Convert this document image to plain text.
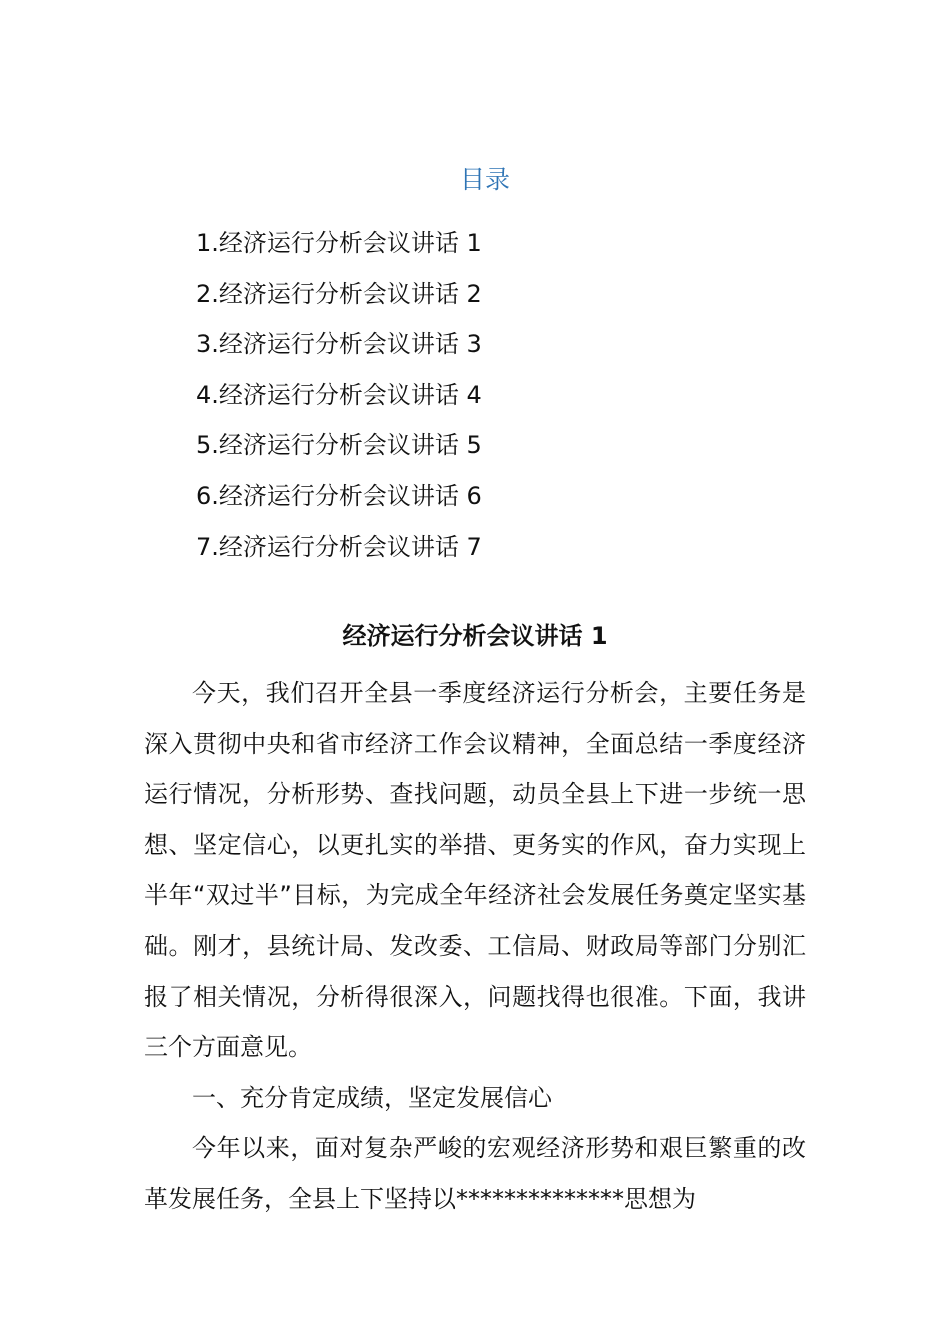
目录
1.经济运行分析会议讲话 1
2.经济运行分析会议讲话 2
3.经济运行分析会议讲话 3
4.经济运行分析会议讲话 4
5.经济运行分析会议讲话 5
6.经济运行分析会议讲话 6
7.经济运行分析会议讲话 7
经济运行分析会议讲话 1

今天，我们召开全县一季度经济运行分析会，主要任务是深入贯彻中央和省市经济工作会议精神，全面总结一季度经济运行情况，分析形势、查找问题，动员全县上下进一步统一思想、坚定信心，以更扎实的举措、更务实的作风，奋力实现上半年“双过半”目标，为完成全年经济社会发展任务奠定坚实基础。刚才，县统计局、发改委、工信局、财政局等部门分别汇报了相关情况，分析得很深入，问题找得也很准。下面，我讲三个方面意见。

一、充分肯定成绩，坚定发展信心

今年以来，面对复杂严峻的宏观经济形势和艰巨繁重的改革发展任务，全县上下坚持以**************思想为
